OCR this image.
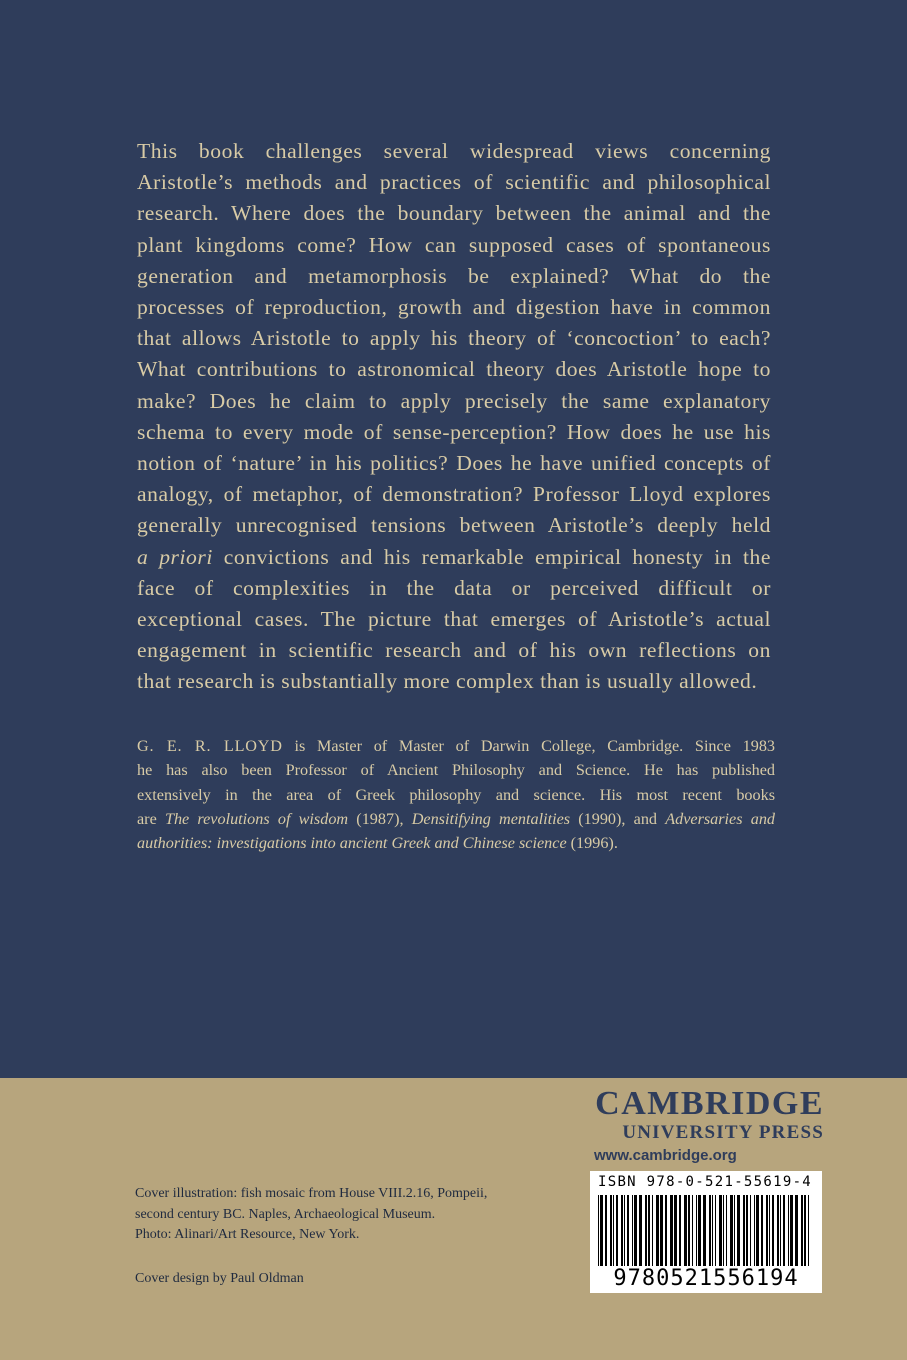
This book challenges several widespread views concerning
Aristotle’s methods and practices of scientific and philosophical
research. Where does the boundary between the animal and the
plant kingdoms come? How can supposed cases of spontaneous
generation and metamorphosis be explained? What do the
processes of reproduction, growth and digestion have in common
that allows Aristotle to apply his theory of ‘concoction’ to each?
What contributions to astronomical theory does Aristotle hope to
make? Does he claim to apply precisely the same explanatory
schema to every mode of sense-perception? How does he use his
notion of ‘nature’ in his politics? Does he have unified concepts of
analogy, of metaphor, of demonstration? Professor Lloyd explores
generally unrecognised tensions between Aristotle’s deeply held
a priori convictions and his remarkable empirical honesty in the
face of complexities in the data or perceived difficult or
exceptional cases. The picture that emerges of Aristotle’s actual
engagement in scientific research and of his own reflections on
that research is substantially more complex than is usually allowed.
G. E. R. LLOYD is Master of Master of Darwin College, Cambridge. Since 1983
he has also been Professor of Ancient Philosophy and Science. He has published
extensively in the area of Greek philosophy and science. His most recent books
are The revolutions of wisdom (1987), Densitifying mentalities (1990), and Adversaries and
authorities: investigations into ancient Greek and Chinese science (1996).
CAMBRIDGE
UNIVERSITY PRESS
www.cambridge.org
Cover illustration: fish mosaic from House VIII.2.16, Pompeii,
second century BC. Naples, Archaeological Museum.
Photo: Alinari/Art Resource, New York.
Cover design by Paul Oldman
ISBN 978-0-521-55619-4
9780521556194
